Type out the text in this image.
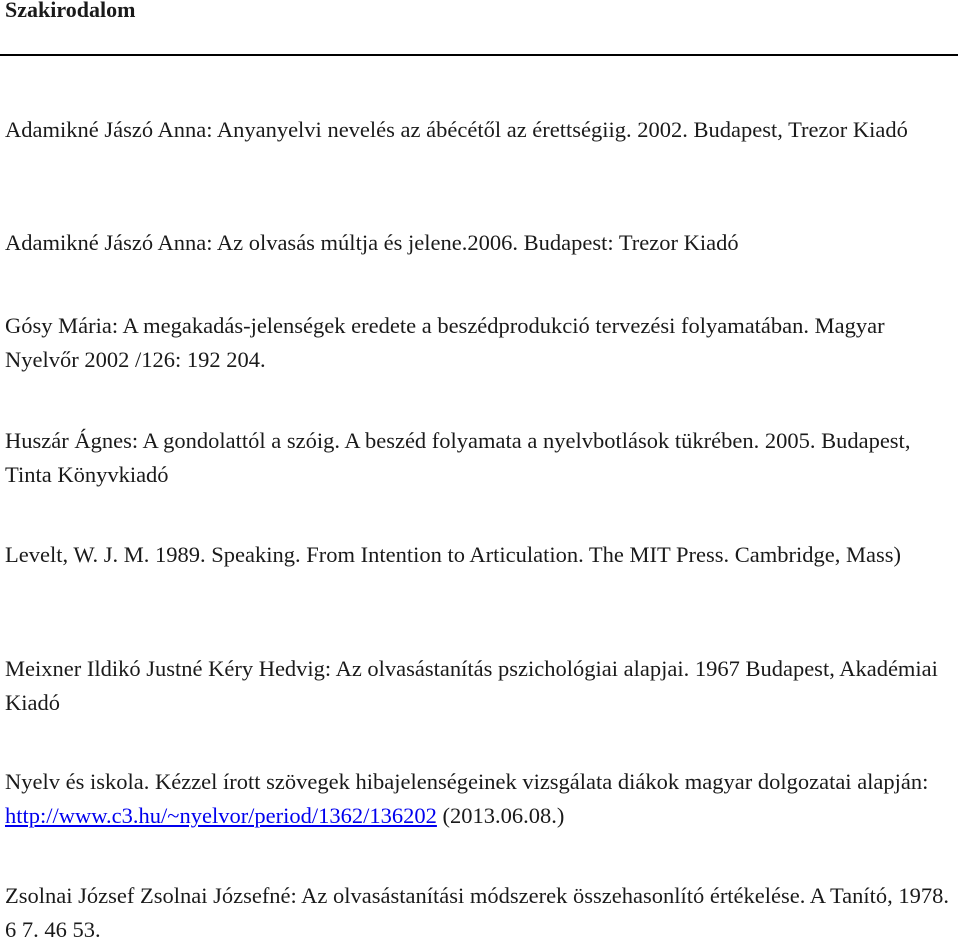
Szakirodalom

Adamikné Jászó Anna: Anyanyelvi nevelés az ábécétől az érettségiig. 2002. Budapest, Trezor Kiadó

Adamikné Jászó Anna: Az olvasás múltja és jelene.2006. Budapest: Trezor Kiadó

Gósy Mária: A megakadás-jelenségek eredete a beszédprodukció tervezési folyamatában. Magyar Nyelvőr 2002 /126: 192 204.

Huszár Ágnes: A gondolattól a szóig. A beszéd folyamata a nyelvbotlások tükrében. 2005. Budapest, Tinta Könyvkiadó

Levelt, W. J. M. 1989. Speaking. From Intention to Articulation. The MIT Press. Cambridge, Mass)

Meixner Ildikó Justné Kéry Hedvig: Az olvasástanítás pszichológiai alapjai. 1967 Budapest, Akadémiai Kiadó

Nyelv és iskola. Kézzel írott szövegek hibajelenségeinek vizsgálata diákok magyar dolgozatai alapján: http://www.c3.hu/~nyelvor/period/1362/136202 (2013.06.08.)

Zsolnai József Zsolnai Józsefné: Az olvasástanítási módszerek összehasonlító értékelése. A Tanító, 1978. 6 7. 46 53.
